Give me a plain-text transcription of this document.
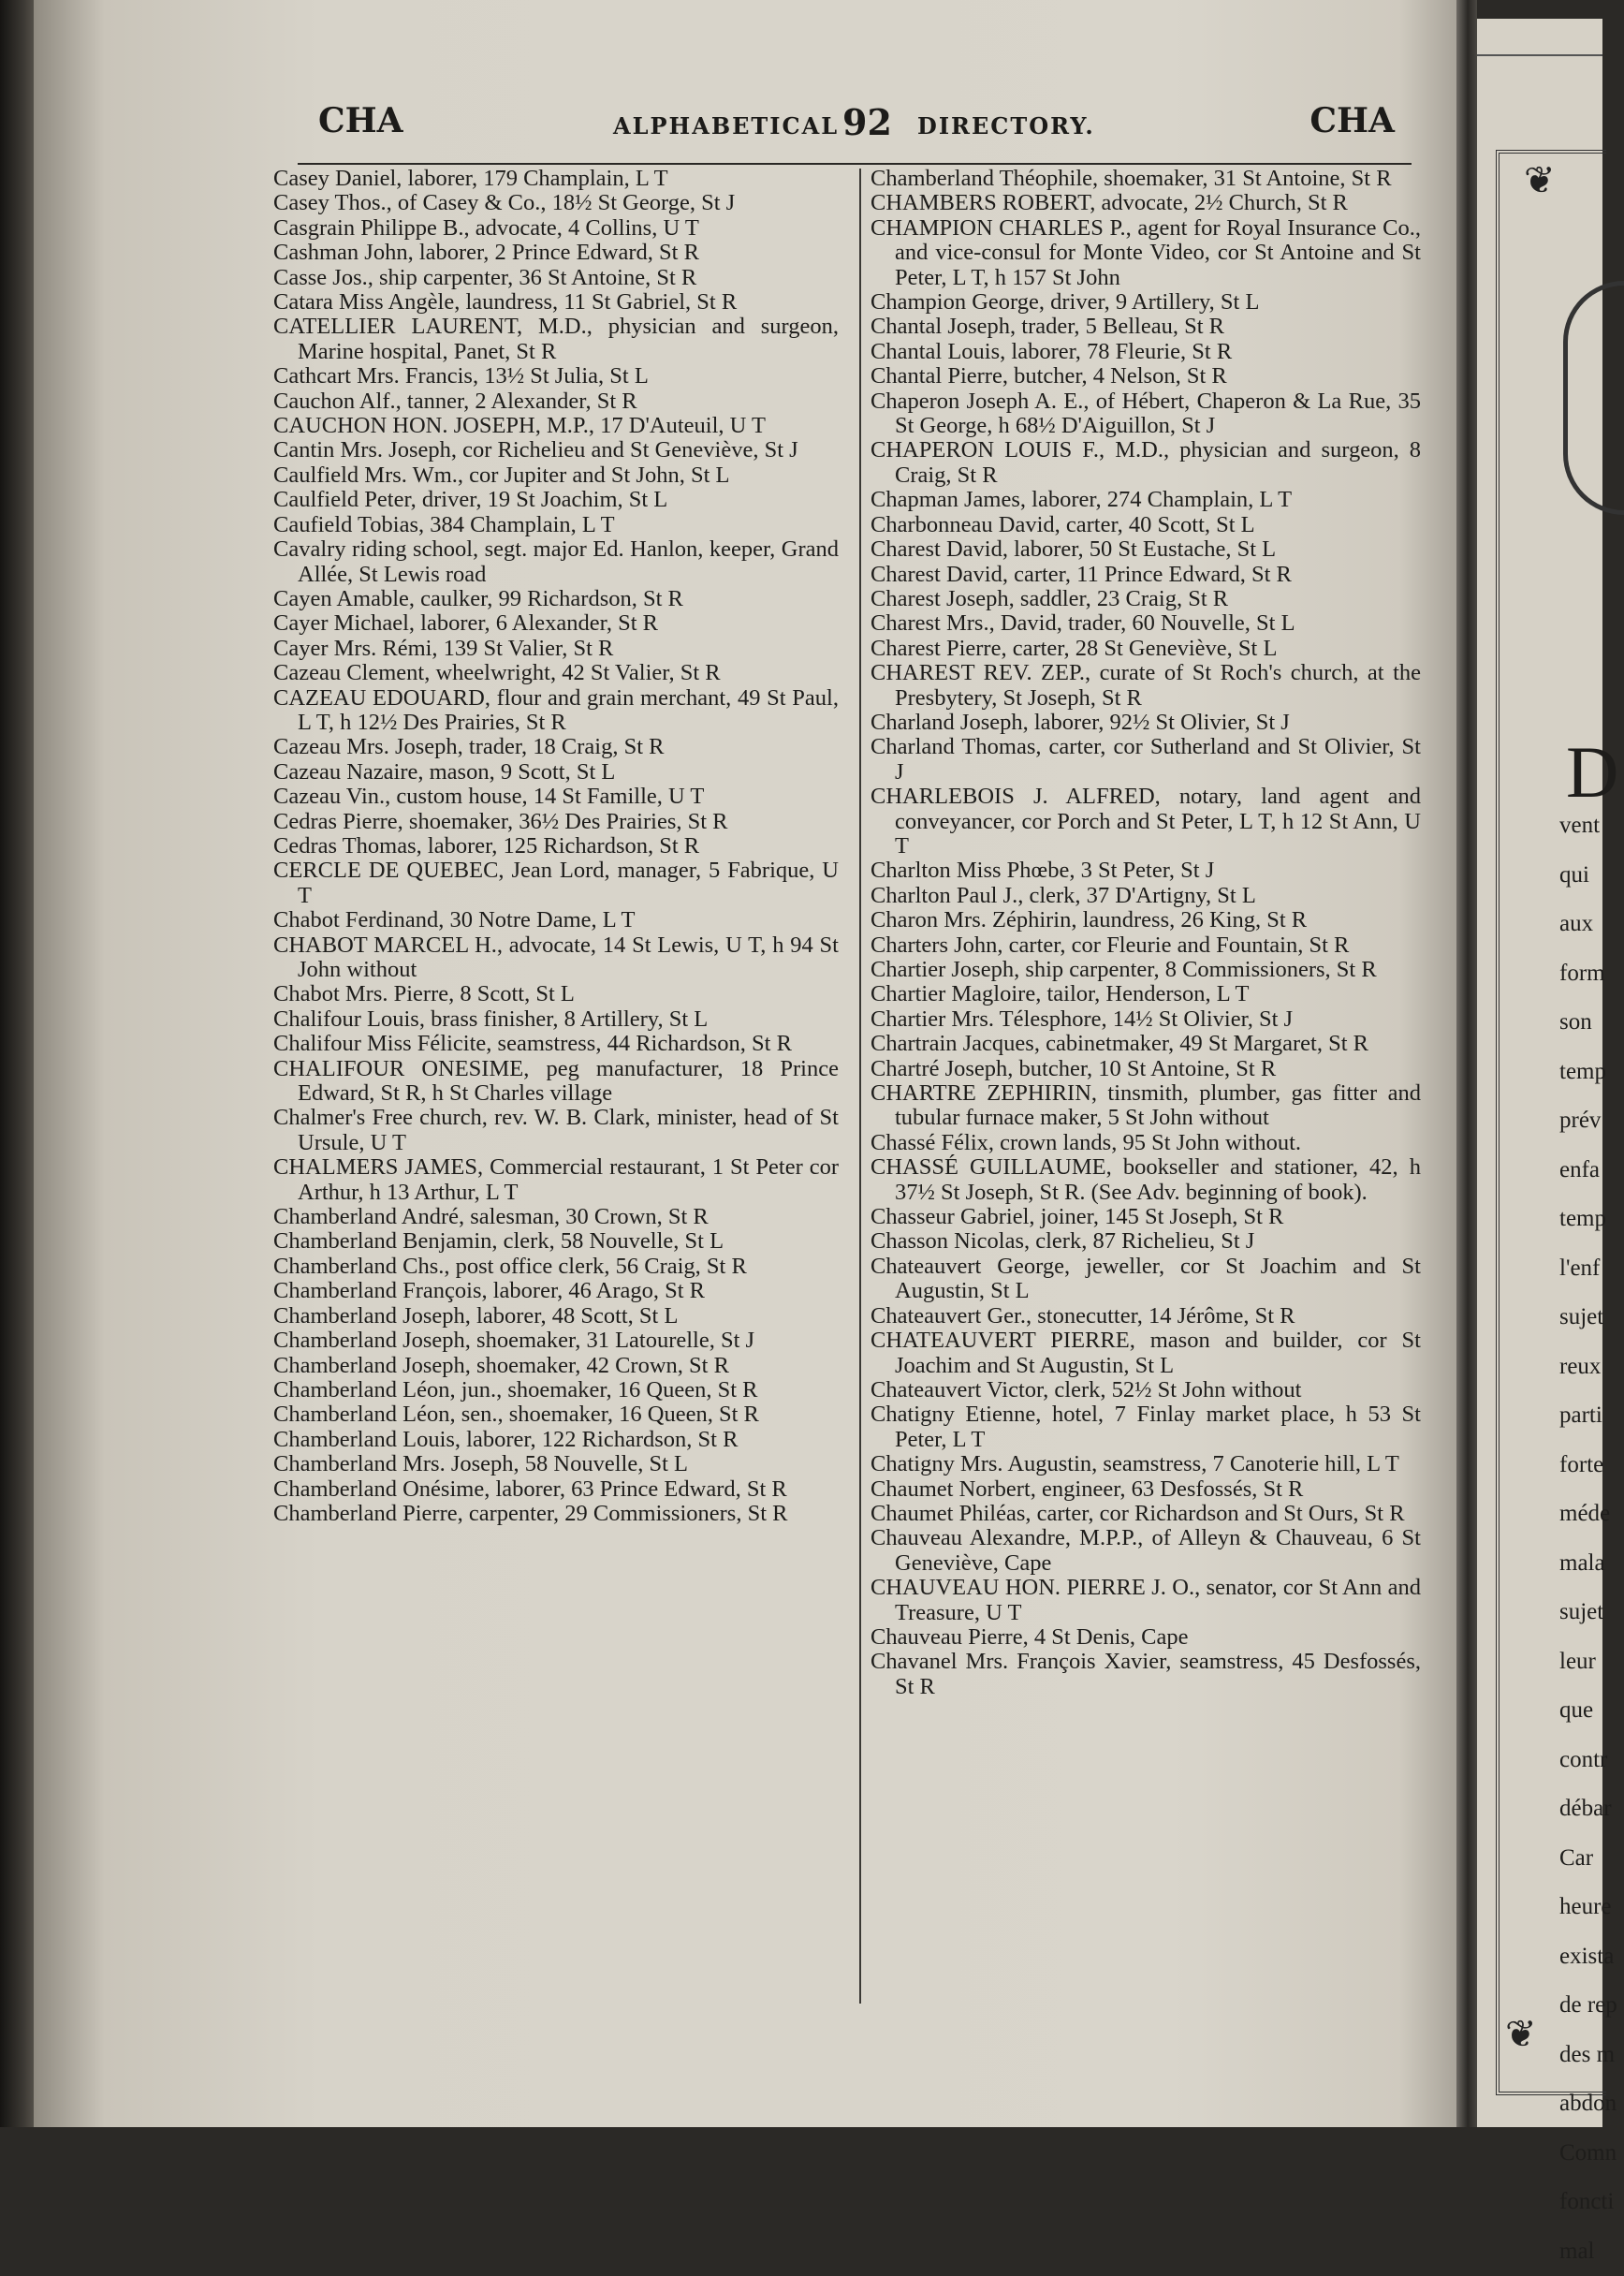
CHA	ALPHABETICAL 92 DIRECTORY.	CHA

Casey Daniel, laborer, 179 Champlain, L T

Casey Thos., of Casey & Co., 18½ St George, St J

Casgrain Philippe B., advocate, 4 Collins, U T

Cashman John, laborer, 2 Prince Edward, St R

Casse Jos., ship carpenter, 36 St Antoine, St R

Catara Miss Angèle, laundress, 11 St Gabriel, St R

CATELLIER LAURENT, M.D., physician and surgeon, Marine hospital, Panet, St R

Cathcart Mrs. Francis, 13½ St Julia, St L

Cauchon Alf., tanner, 2 Alexander, St R

CAUCHON HON. JOSEPH, M.P., 17 D'Auteuil, U T

Cantin Mrs. Joseph, cor Richelieu and St Geneviève, St J

Caulfield Mrs. Wm., cor Jupiter and St John, St L

Caulfield Peter, driver, 19 St Joachim, St L

Caufield Tobias, 384 Champlain, L T

Cavalry riding school, segt. major Ed. Hanlon, keeper, Grand Allée, St Lewis road

Cayen Amable, caulker, 99 Richardson, St R

Cayer Michael, laborer, 6 Alexander, St R

Cayer Mrs. Rémi, 139 St Valier, St R

Cazeau Clement, wheelwright, 42 St Valier, St R

CAZEAU EDOUARD, flour and grain merchant, 49 St Paul, L T, h 12½ Des Prairies, St R

Cazeau Mrs. Joseph, trader, 18 Craig, St R

Cazeau Nazaire, mason, 9 Scott, St L

Cazeau Vin., custom house, 14 St Famille, U T

Cedras Pierre, shoemaker, 36½ Des Prairies, St R

Cedras Thomas, laborer, 125 Richardson, St R

CERCLE DE QUEBEC, Jean Lord, manager, 5 Fabrique, U T

Chabot Ferdinand, 30 Notre Dame, L T

CHABOT MARCEL H., advocate, 14 St Lewis, U T, h 94 St John without

Chabot Mrs. Pierre, 8 Scott, St L

Chalifour Louis, brass finisher, 8 Artillery, St L

Chalifour Miss Félicite, seamstress, 44 Richardson, St R

CHALIFOUR ONESIME, peg manufacturer, 18 Prince Edward, St R, h St Charles village

Chalmer's Free church, rev. W. B. Clark, minister, head of St Ursule, U T

CHALMERS JAMES, Commercial restaurant, 1 St Peter cor Arthur, h 13 Arthur, L T

Chamberland André, salesman, 30 Crown, St R

Chamberland Benjamin, clerk, 58 Nouvelle, St L

Chamberland Chs., post office clerk, 56 Craig, St R

Chamberland François, laborer, 46 Arago, St R

Chamberland Joseph, laborer, 48 Scott, St L

Chamberland Joseph, shoemaker, 31 Latourelle, St J

Chamberland Joseph, shoemaker, 42 Crown, St R

Chamberland Léon, jun., shoemaker, 16 Queen, St R

Chamberland Léon, sen., shoemaker, 16 Queen, St R

Chamberland Louis, laborer, 122 Richardson, St R

Chamberland Mrs. Joseph, 58 Nouvelle, St L

Chamberland Onésime, laborer, 63 Prince Edward, St R

Chamberland Pierre, carpenter, 29 Commissioners, St R

Chamberland Théophile, shoemaker, 31 St Antoine, St R

CHAMBERS ROBERT, advocate, 2½ Church, St R

CHAMPION CHARLES P., agent for Royal Insurance Co., and vice-consul for Monte Video, cor St Antoine and St Peter, L T, h 157 St John

Champion George, driver, 9 Artillery, St L

Chantal Joseph, trader, 5 Belleau, St R

Chantal Louis, laborer, 78 Fleurie, St R

Chantal Pierre, butcher, 4 Nelson, St R

Chaperon Joseph A. E., of Hébert, Chaperon & La Rue, 35 St George, h 68½ D'Aiguillon, St J

CHAPERON LOUIS F., M.D., physician and surgeon, 8 Craig, St R

Chapman James, laborer, 274 Champlain, L T

Charbonneau David, carter, 40 Scott, St L

Charest David, laborer, 50 St Eustache, St L

Charest David, carter, 11 Prince Edward, St R

Charest Joseph, saddler, 23 Craig, St R

Charest Mrs., David, trader, 60 Nouvelle, St L

Charest Pierre, carter, 28 St Geneviève, St L

CHAREST REV. ZEP., curate of St Roch's church, at the Presbytery, St Joseph, St R

Charland Joseph, laborer, 92½ St Olivier, St J

Charland Thomas, carter, cor Sutherland and St Olivier, St J

CHARLEBOIS J. ALFRED, notary, land agent and conveyancer, cor Porch and St Peter, L T, h 12 St Ann, U T

Charlton Miss Phœbe, 3 St Peter, St J

Charlton Paul J., clerk, 37 D'Artigny, St L

Charon Mrs. Zéphirin, laundress, 26 King, St R

Charters John, carter, cor Fleurie and Fountain, St R

Chartier Joseph, ship carpenter, 8 Commissioners, St R

Chartier Magloire, tailor, Henderson, L T

Chartier Mrs. Télesphore, 14½ St Olivier, St J

Chartrain Jacques, cabinetmaker, 49 St Margaret, St R

Chartré Joseph, butcher, 10 St Antoine, St R

CHARTRE ZEPHIRIN, tinsmith, plumber, gas fitter and tubular furnace maker, 5 St John without

Chassé Félix, crown lands, 95 St John without.

CHASSÉ GUILLAUME, bookseller and stationer, 42, h 37½ St Joseph, St R. (See Adv. beginning of book).

Chasseur Gabriel, joiner, 145 St Joseph, St R

Chasson Nicolas, clerk, 87 Richelieu, St J

Chateauvert George, jeweller, cor St Joachim and St Augustin, St L

Chateauvert Ger., stonecutter, 14 Jérôme, St R

CHATEAUVERT PIERRE, mason and builder, cor St Joachim and St Augustin, St L

Chateauvert Victor, clerk, 52½ St John without

Chatigny Etienne, hotel, 7 Finlay market place, h 53 St Peter, L T

Chatigny Mrs. Augustin, seamstress, 7 Canoterie hill, L T

Chaumet Norbert, engineer, 63 Desfossés, St R

Chaumet Philéas, carter, cor Richardson and St Ours, St R

Chauveau Alexandre, M.P.P., of Alleyn & Chauveau, 6 St Geneviève, Cape

CHAUVEAU HON. PIERRE J. O., senator, cor St Ann and Treasure, U T

Chauveau Pierre, 4 St Denis, Cape

Chavanel Mrs. François Xavier, seamstress, 45 Desfossés, St R

❦
D
vent
qui
aux
form
son
temp
prév
enfa
temp
l'enf
sujet
reux
parti
forte
méde
mala
sujet
leur
que
contr
débar
Car
heure
exista
de rep
des m
abdon
Comn
foncti
mal
❦
